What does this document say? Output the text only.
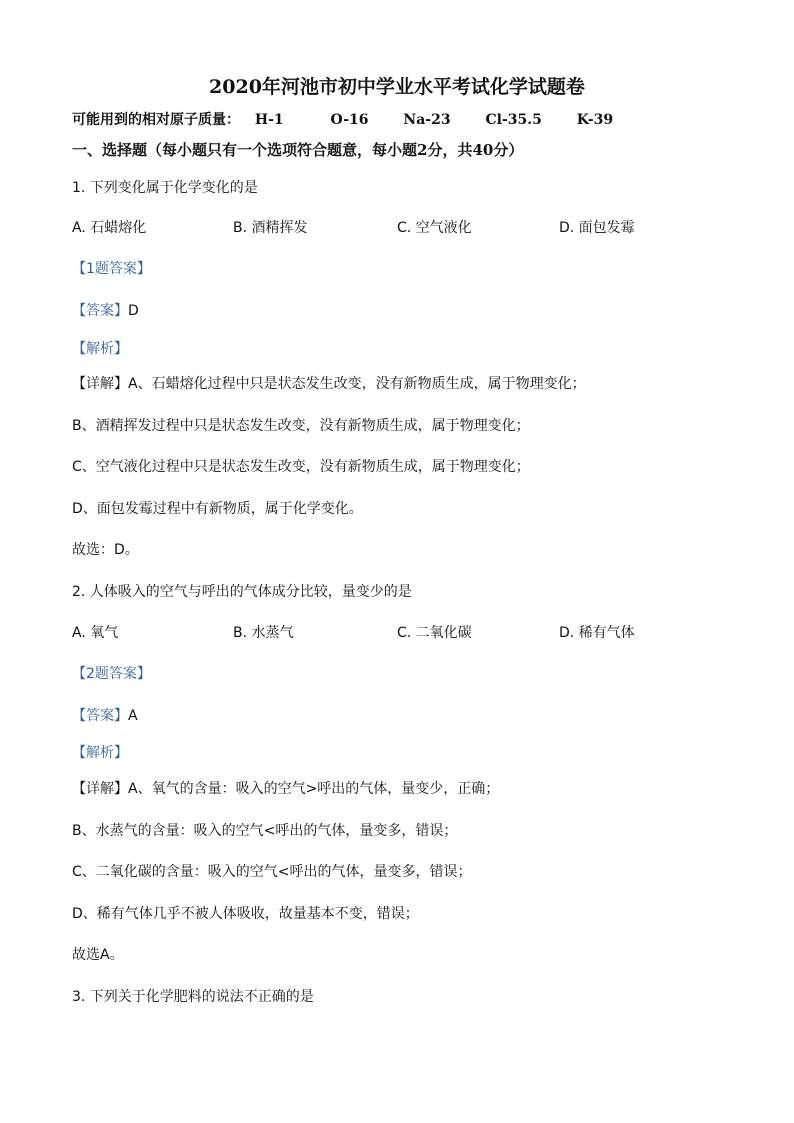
2020年河池市初中学业水平考试化学试题卷
可能用到的相对原子质量： H-1	O-16 Na-23 Cl-35.5 K-39
一、选择题（每小题只有一个选项符合题意，每小题2分，共40分）
1. 下列变化属于化学变化的是
A. 石蜡熔化	B. 酒精挥发	C. 空气液化	D. 面包发霉
【1题答案】
【答案】D
【解析】
【详解】A、石蜡熔化过程中只是状态发生改变，没有新物质生成，属于物理变化；
B、酒精挥发过程中只是状态发生改变，没有新物质生成，属于物理变化；
C、空气液化过程中只是状态发生改变，没有新物质生成，属于物理变化；
D、面包发霉过程中有新物质，属于化学变化。
故选：D。
2. 人体吸入的空气与呼出的气体成分比较，量变少的是
A. 氧气	B. 水蒸气	C. 二氧化碳	D. 稀有气体
【2题答案】
【答案】A
【解析】
【详解】A、氧气的含量：吸入的空气>呼出的气体，量变少，正确；
B、水蒸气的含量：吸入的空气<呼出的气体，量变多，错误；
C、二氧化碳的含量：吸入的空气<呼出的气体，量变多，错误；
D、稀有气体几乎不被人体吸收，故量基本不变，错误；
故选A。
3. 下列关于化学肥料的说法不正确的是
